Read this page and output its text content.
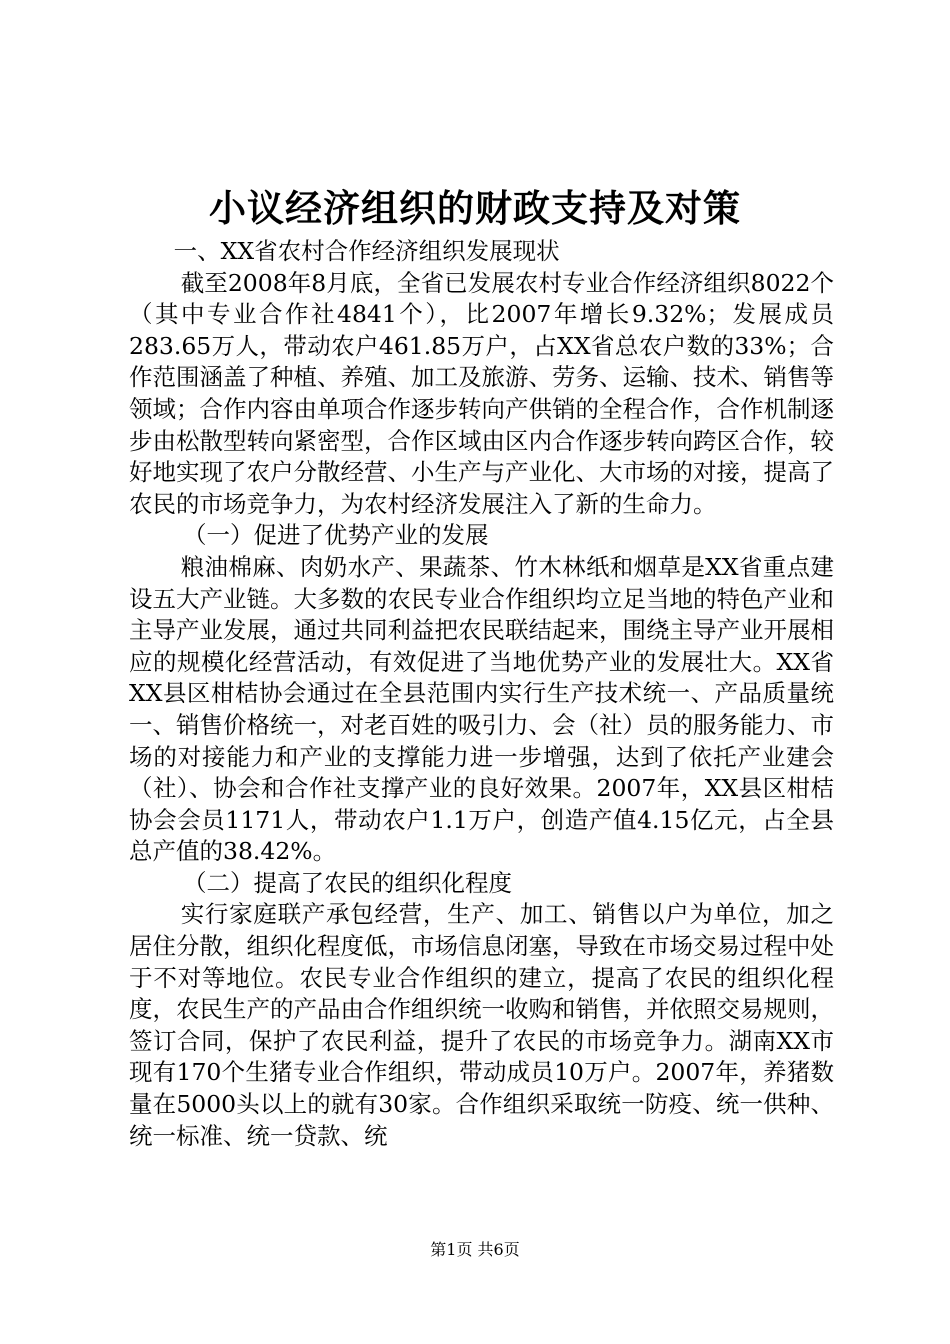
小议经济组织的财政支持及对策

一、XX省农村合作经济组织发展现状

截至2008年8月底，全省已发展农村专业合作经济组织8022个（其中专业合作社4841个），比2007年增长9.32%；发展成员283.65万人，带动农户461.85万户，占XX省总农户数的33%；合作范围涵盖了种植、养殖、加工及旅游、劳务、运输、技术、销售等领域；合作内容由单项合作逐步转向产供销的全程合作，合作机制逐步由松散型转向紧密型，合作区域由区内合作逐步转向跨区合作，较好地实现了农户分散经营、小生产与产业化、大市场的对接，提高了农民的市场竞争力，为农村经济发展注入了新的生命力。

（一）促进了优势产业的发展

粮油棉麻、肉奶水产、果蔬茶、竹木林纸和烟草是XX省重点建设五大产业链。大多数的农民专业合作组织均立足当地的特色产业和主导产业发展，通过共同利益把农民联结起来，围绕主导产业开展相应的规模化经营活动，有效促进了当地优势产业的发展壮大。XX省XX县区柑桔协会通过在全县范围内实行生产技术统一、产品质量统一、销售价格统一，对老百姓的吸引力、会（社）员的服务能力、市场的对接能力和产业的支撑能力进一步增强，达到了依托产业建会（社）、协会和合作社支撑产业的良好效果。2007年，XX县区柑桔协会会员1171人，带动农户1.1万户，创造产值4.15亿元，占全县总产值的38.42%。

（二）提高了农民的组织化程度

实行家庭联产承包经营，生产、加工、销售以户为单位，加之居住分散，组织化程度低，市场信息闭塞，导致在市场交易过程中处于不对等地位。农民专业合作组织的建立，提高了农民的组织化程度，农民生产的产品由合作组织统一收购和销售，并依照交易规则，签订合同，保护了农民利益，提升了农民的市场竞争力。湖南XX市现有170个生猪专业合作组织，带动成员10万户。2007年，养猪数量在5000头以上的就有30家。合作组织采取统一防疫、统一供种、统一标准、统一贷款、统

第1页 共6页
